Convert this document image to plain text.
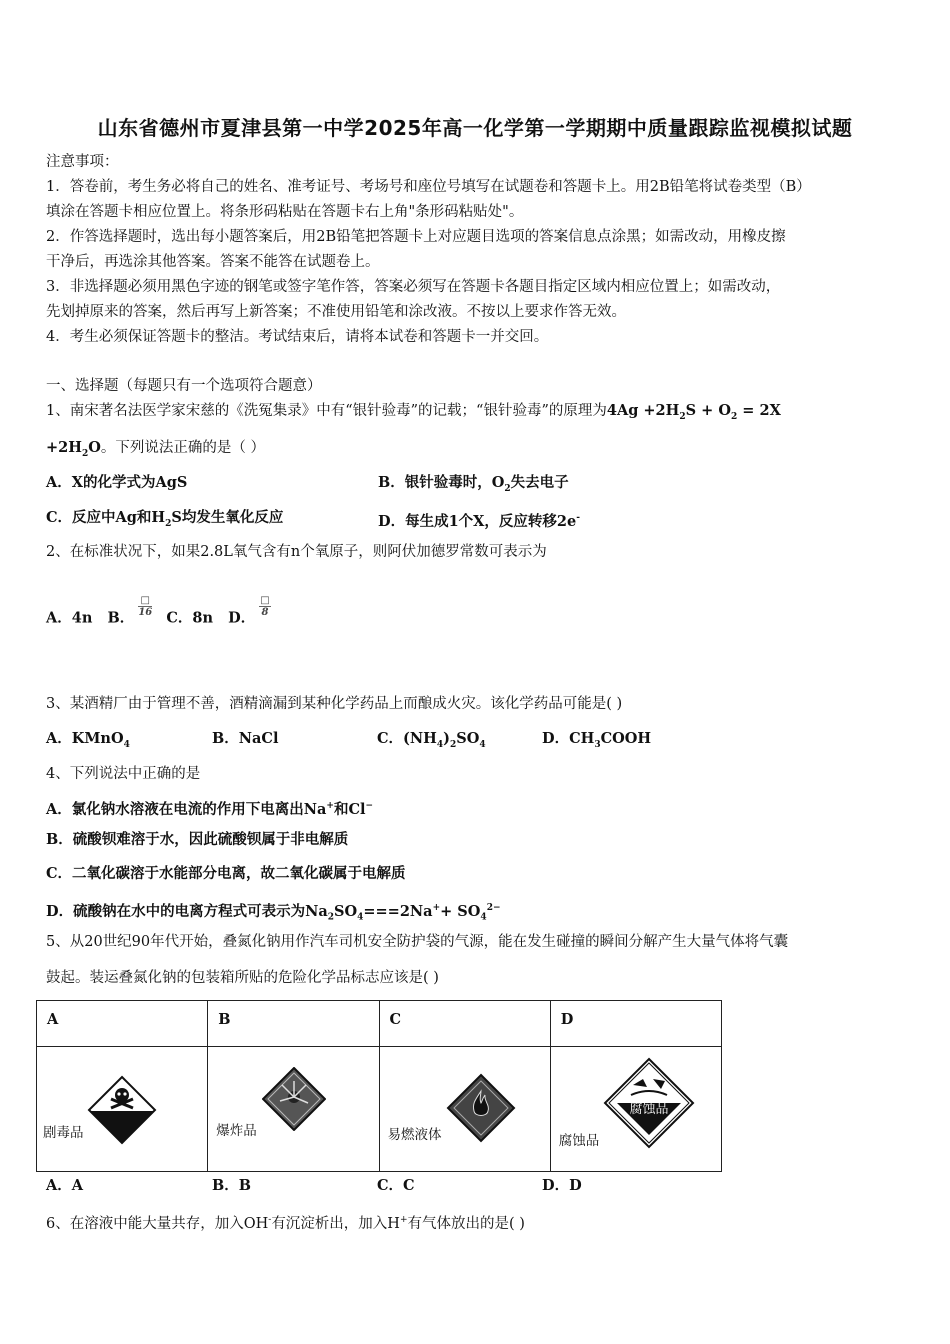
山东省德州市夏津县第一中学2025年高一化学第一学期期中质量跟踪监视模拟试题
注意事项：
1．答卷前，考生务必将自己的姓名、准考证号、考场号和座位号填写在试题卷和答题卡上。用2B铅笔将试卷类型（B）
填涂在答题卡相应位置上。将条形码粘贴在答题卡右上角"条形码粘贴处"。
2．作答选择题时，选出每小题答案后，用2B铅笔把答题卡上对应题目选项的答案信息点涂黑；如需改动，用橡皮擦
干净后，再选涂其他答案。答案不能答在试题卷上。
3．非选择题必须用黑色字迹的钢笔或签字笔作答，答案必须写在答题卡各题目指定区域内相应位置上；如需改动，
先划掉原来的答案，然后再写上新答案；不准使用铅笔和涂改液。不按以上要求作答无效。
4．考生必须保证答题卡的整洁。考试结束后，请将本试卷和答题卡一并交回。
一、选择题（每题只有一个选项符合题意）
1、南宋著名法医学家宋慈的《洗冤集录》中有“银针验毒”的记载；“银针验毒”的原理为$4Ag +2H_2S + O_2 = 2X$
$+2H_2O$。下列说法正确的是（ ）
A．X的化学式为AgS	B．银针验毒时，$O_2$失去电子
C．反应中Ag和$H_2S$均发生氧化反应	D．每生成1个X，反应转移2e-
2、在标准状况下，如果2.8L氧气含有n个氧原子，则阿伏加德罗常数可表示为
A．4n B． $\frac{□}{16}$ C．8n D． $\frac{□}{8}$
3、某酒精厂由于管理不善，酒精滴漏到某种化学药品上而酿成火灾。该化学药品可能是( )
A．KMnO$_4$	B．NaCl	C．$(NH_4)_2SO_4$	D．$CH_3COOH$
4、下列说法中正确的是
A．氯化钠水溶液在电流的作用下电离出Na+和Cl−
B．硫酸钡难溶于水，因此硫酸钡属于非电解质
C．二氧化碳溶于水能部分电离，故二氧化碳属于电解质
D．硫酸钠在水中的电离方程式可表示为$Na_2SO_4===2Na^++ SO_4^{2-}$
5、从20世纪90年代开始，叠氮化钠用作汽车司机安全防护袋的气源，能在发生碰撞的瞬间分解产生大量气体将气囊
鼓起。装运叠氮化钠的包装箱所贴的危险化学品标志应该是( )
A	B	C	D

剧毒品	爆炸品	易燃液体	腐蚀品
腐蚀品
A．A	B．B	C．C	D．D
6、在溶液中能大量共存，加入OH-有沉淀析出，加入H+有气体放出的是( )
